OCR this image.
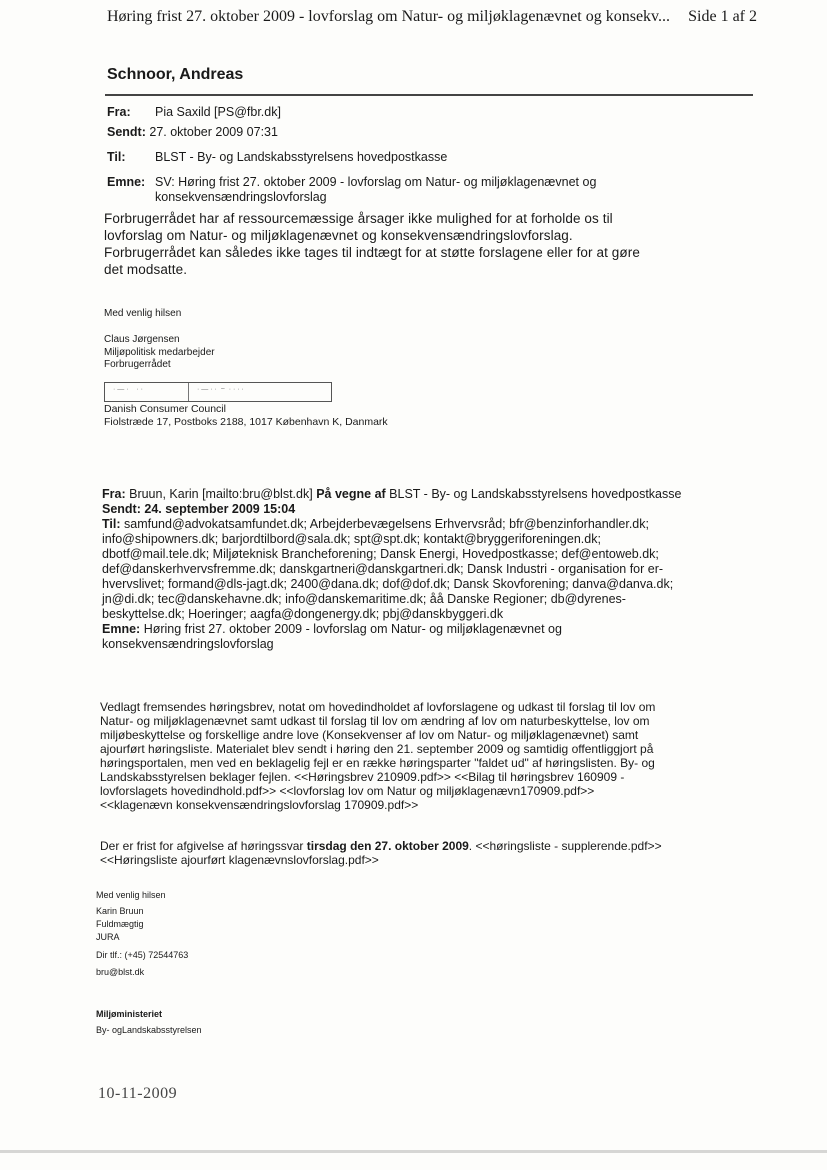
Høring frist 27. oktober 2009 - lovforslag om Natur- og miljøklagenævnet og konsekv... Side 1 af 2
Schnoor, Andreas
Fra: Pia Saxild [PS@fbr.dk]
Sendt: 27. oktober 2009 07:31
Til: BLST - By- og Landskabsstyrelsens hovedpostkasse
Emne: SV: Høring frist 27. oktober 2009 - lovforslag om Natur- og miljøklagenævnet og
konsekvensændringslovforslag
Forbrugerrådet har af ressourcemæssige årsager ikke mulighed for at forholde os til
lovforslag om Natur- og miljøklagenævnet og konsekvensændringslovforslag.
Forbrugerrådet kan således ikke tages til indtægt for at støtte forslagene eller for at gøre
det modsatte.
Med venlig hilsen
Claus Jørgensen
Miljøpolitisk medarbejder
Forbrugerrådet
· — ·    · ·	· — · ·  ~  · · · ·
Danish Consumer Council
Fiolstræde 17, Postboks 2188, 1017 København K, Danmark
Fra: Bruun, Karin [mailto:bru@blst.dk] På vegne af BLST - By- og Landskabsstyrelsens hovedpostkasse
Sendt: 24. september 2009 15:04
Til: samfund@advokatsamfundet.dk; Arbejderbevægelsens Erhvervsråd; bfr@benzinforhandler.dk;
info@shipowners.dk; barjordtilbord@sala.dk; spt@spt.dk; kontakt@bryggeriforeningen.dk;
dbotf@mail.tele.dk; Miljøteknisk Brancheforening; Dansk Energi, Hovedpostkasse; def@entoweb.dk;
def@danskerhvervsfremme.dk; danskgartneri@danskgartneri.dk; Dansk Industri - organisation for er-
hvervslivet; formand@dls-jagt.dk; 2400@dana.dk; dof@dof.dk; Dansk Skovforening; danva@danva.dk;
jn@di.dk; tec@danskehavne.dk; info@danskemaritime.dk; åå Danske Regioner; db@dyrenes-
beskyttelse.dk; Hoeringer; aagfa@dongenergy.dk; pbj@danskbyggeri.dk
Emne: Høring frist 27. oktober 2009 - lovforslag om Natur- og miljøklagenævnet og
konsekvensændringslovforslag
Vedlagt fremsendes høringsbrev, notat om hovedindholdet af lovforslagene og udkast til forslag til lov om
Natur- og miljøklagenævnet samt udkast til forslag til lov om ændring af lov om naturbeskyttelse, lov om
miljøbeskyttelse og forskellige andre love (Konsekvenser af lov om Natur- og miljøklagenævnet) samt
ajourført høringsliste. Materialet blev sendt i høring den 21. september 2009 og samtidig offentliggjort på
høringsportalen, men ved en beklagelig fejl er en række høringsparter "faldet ud" af høringslisten. By- og
Landskabsstyrelsen beklager fejlen. <<Høringsbrev 210909.pdf>> <<Bilag til høringsbrev 160909 -
lovforslagets hovedindhold.pdf>> <<lovforslag lov om Natur og miljøklagenævn170909.pdf>>
<<klagenævn konsekvensændringslovforslag 170909.pdf>>
Der er frist for afgivelse af høringssvar tirsdag den 27. oktober 2009. <<høringsliste - supplerende.pdf>>
<<Høringsliste ajourført klagenævnslovforslag.pdf>>
Med venlig hilsen
Karin Bruun
Fuldmægtig
JURA
Dir tlf.: (+45) 72544763
bru@blst.dk
Miljøministeriet
By- ogLandskabsstyrelsen
10-11-2009
